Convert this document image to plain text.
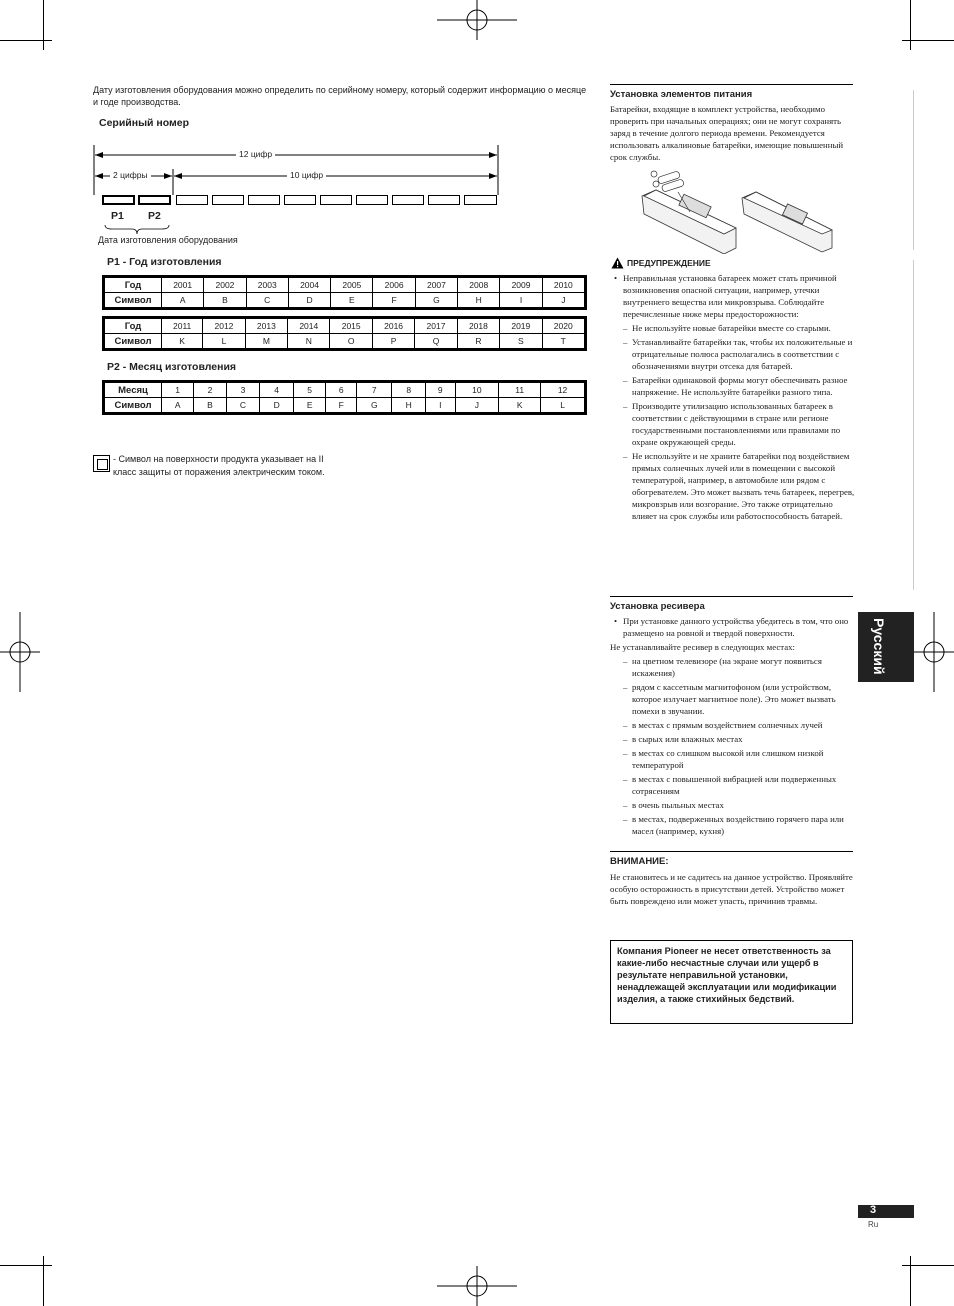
Дату изготовления оборудования можно определить по серийному номеру, который содержит информацию о месяце и годе производства.
Серийный номер
12 цифр
2 цифры	10 цифр
P1 P2
Дата изготовления оборудования
P1 - Год изготовления
Год	2001	2002	2003	2004	2005	2006	2007	2008	2009	2010
Символ	A	B	C	D	E	F	G	H	I	J
Год	2011	2012	2013	2014	2015	2016	2017	2018	2019	2020
Символ	K	L	M	N	O	P	Q	R	S	T
P2 - Месяц изготовления
Месяц	1	2	3	4	5	6	7	8	9	10	11	12
Символ	A	B	C	D	E	F	G	H	I	J	K	L
- Символ на поверхности продукта указывает на II класс защиты от поражения электрическим током.
Установка элементов питания
Батарейки, входящие в комплект устройства, необходимо проверить при начальных операциях; они не могут сохранять заряд в течение долгого периода времени. Рекомендуется использовать алкалиновые батарейки, имеющие повышенный срок службы.
ПРЕДУПРЕЖДЕНИЕ
• Неправильная установка батареек может стать причиной возникновения опасной ситуации, например, утечки внутреннего вещества или микровзрыва. Соблюдайте перечисленные ниже меры предосторожности:
– Не используйте новые батарейки вместе со старыми.
– Устанавливайте батарейки так, чтобы их положительные и отрицательные полюса располагались в соответствии с обозначениями внутри отсека для батарей.
– Батарейки одинаковой формы могут обеспечивать разное напряжение. Не используйте батарейки разного типа.
– Производите утилизацию использованных батареек в соответствии с действующими в стране или регионе государственными постановлениями или правилами по охране окружающей среды.
– Не используйте и не храните батарейки под воздействием прямых солнечных лучей или в помещении с высокой температурой, например, в автомобиле или рядом с обогревателем. Это может вызвать течь батареек, перегрев, микровзрыв или возгорание. Это также отрицательно влияет на срок службы или работоспособность батарей.
Установка ресивера
• При установке данного устройства убедитесь в том, что оно размещено на ровной и твердой поверхности.
Не устанавливайте ресивер в следующих местах:
– на цветном телевизоре (на экране могут появиться искажения)
– рядом с кассетным магнитофоном (или устройством, которое излучает магнитное поле). Это может вызвать помехи в звучании.
– в местах с прямым воздействием солнечных лучей
– в сырых или влажных местах
– в местах со слишком высокой или слишком низкой температурой
– в местах с повышенной вибрацией или подверженных сотрясениям
– в очень пыльных местах
– в местах, подверженных воздействию горячего пара или масел (например, кухня)
ВНИМАНИЕ:
Не становитесь и не садитесь на данное устройство. Проявляйте особую осторожность в присутствии детей. Устройство может быть повреждено или может упасть, причинив травмы.
Компания Pioneer не несет ответственность за какие-либо несчастные случаи или ущерб в результате неправильной установки, ненадлежащей эксплуатации или модификации изделия, а также стихийных бедствий.
Русский
3
Ru
